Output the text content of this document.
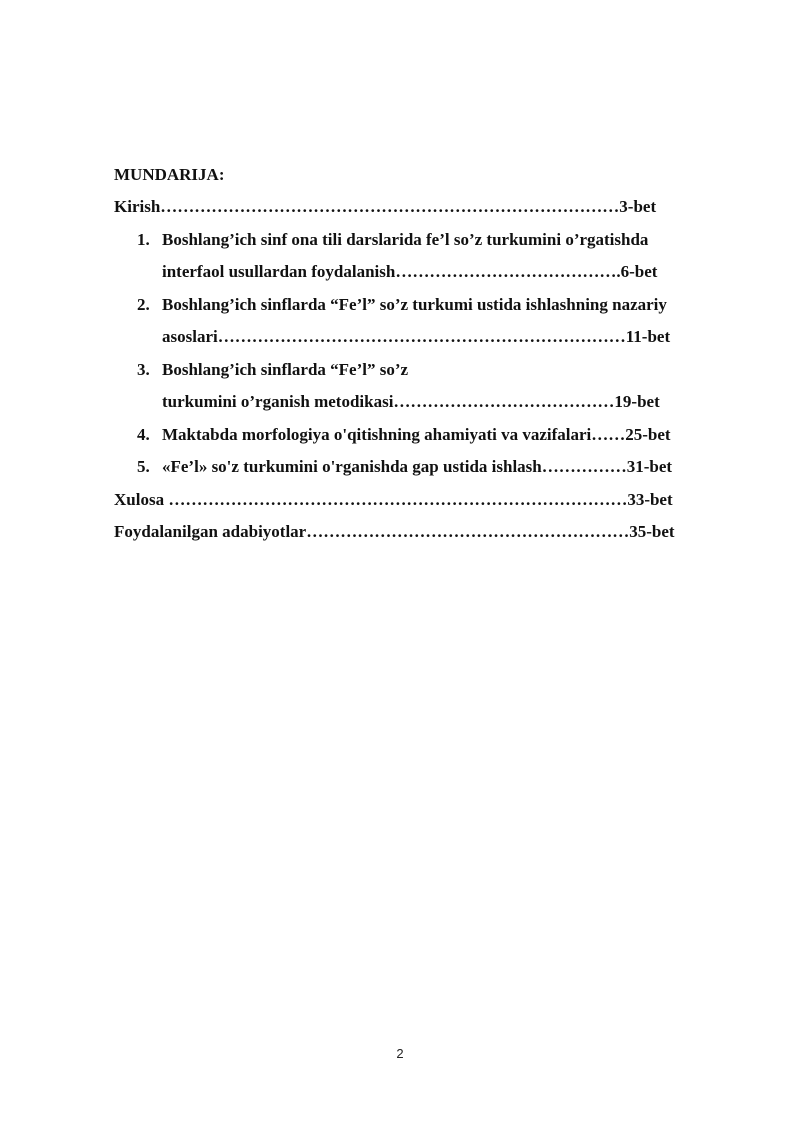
MUNDARIJA:
Kirish………………………………………………………………………3-bet
1. Boshlang’ich sinf ona tili darslarida fe’l so’z turkumini o’rgatishda
interfaol usullardan foydalanish………………………………….6-bet
2. Boshlang’ich sinflarda “Fe’l” so’z turkumi ustida ishlashning nazariy
asoslari………………………………………………………………11-bet
3. Boshlang’ich sinflarda “Fe’l” so’z
turkumini o’rganish metodikasi…………………………………19-bet
4. Maktabda morfologiya o'qitishning ahamiyati va vazifalari……25-bet
5. «Fe’l» so'z turkumini o'rganishda gap ustida ishlash……………31-bet
Xulosa ………………………………………………………………………33-bet
Foydalanilgan adabiyotlar…………………………………………………35-bet
2
